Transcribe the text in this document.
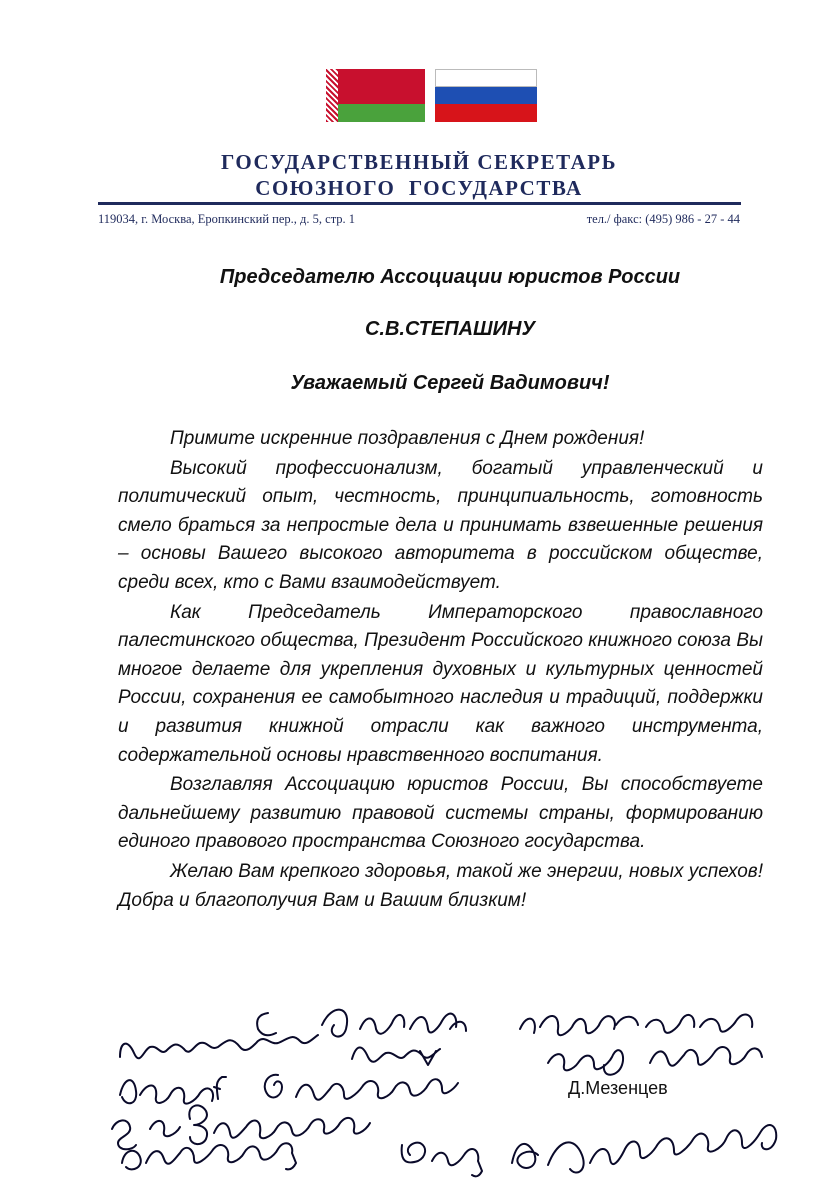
ГОСУДАРСТВЕННЫЙ СЕКРЕТАРЬ
СОЮЗНОГО  ГОСУДАРСТВА
119034, г. Москва, Еропкинский пер., д. 5, стр. 1	тел./ факс: (495) 986 - 27 - 44
Председателю Ассоциации юристов России
С.В.СТЕПАШИНУ
Уважаемый Сергей Вадимович!

Примите искренние поздравления с Днем рождения!

Высокий профессионализм, богатый управленческий и политический опыт, честность, принципиальность, готовность смело браться за непростые дела и принимать взвешенные решения – основы Вашего высокого авторитета в российском обществе, среди всех, кто с Вами взаимодействует.

Как Председатель Императорского православного палестинского общества, Президент Российского книжного союза Вы многое делаете для укрепления духовных и культурных ценностей России, сохранения ее самобытного наследия и традиций, поддержки и развития книжной отрасли как важного инструмента, содержательной основы нравственного воспитания.

Возглавляя Ассоциацию юристов России, Вы способствуете дальнейшему развитию правовой системы страны, формированию единого правового пространства Союзного государства.

Желаю Вам крепкого здоровья, такой же энергии, новых успехов! Добра и благополучия Вам и Вашим близким!

Д.Мезенцев
